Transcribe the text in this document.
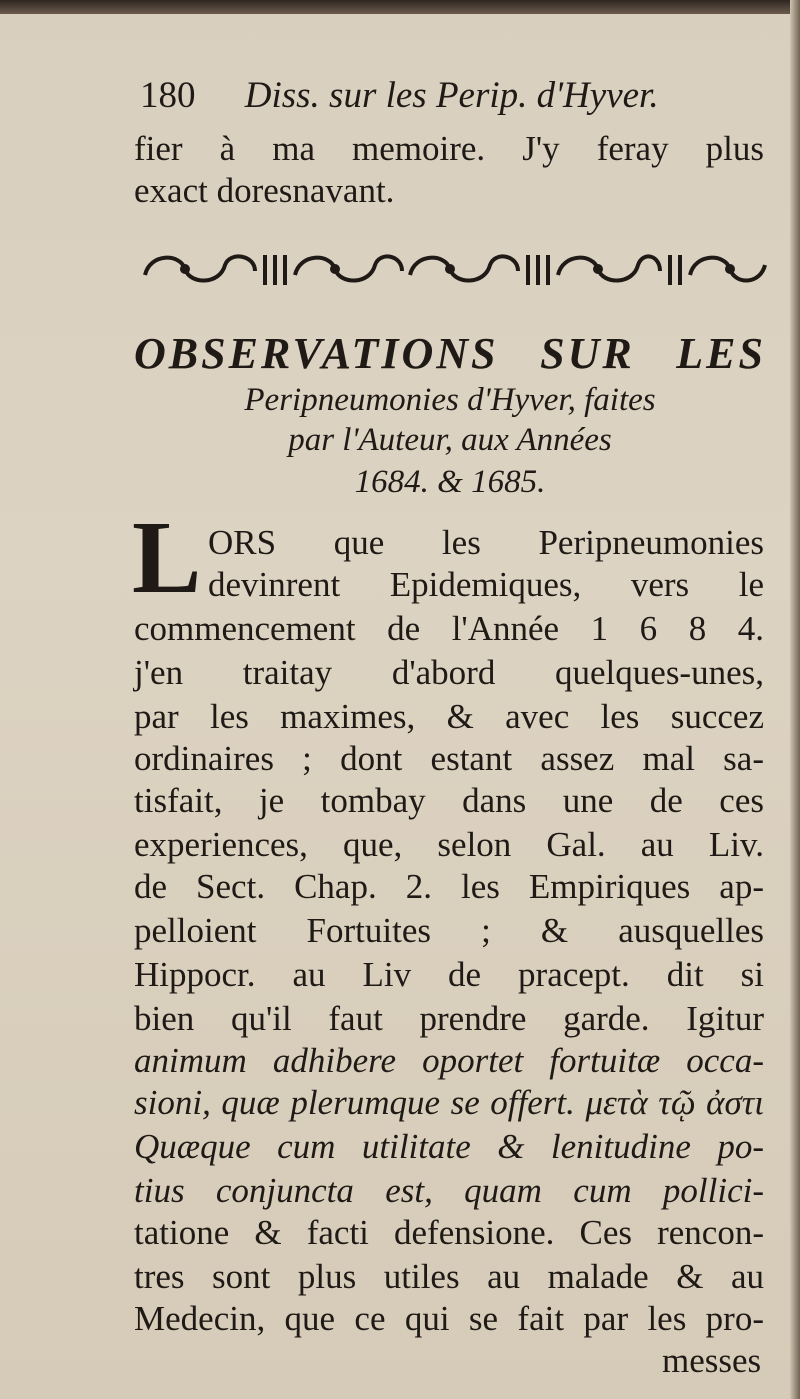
180 Diss. sur les Perip. d'Hyver.
fier à ma memoire. J'y feray plus
exact doresnavant.
OBSERVATIONS SUR LES
Peripneumonies d'Hyver, faites
par l'Auteur, aux Années
1684. & 1685.
L ORS que les Peripneumonies
devinrent Epidemiques, vers le
commencement de l'Année 1 6 8 4.
j'en traitay d'abord quelques-unes,
par les maximes, & avec les succez
ordinaires ; dont estant assez mal sa-
tisfait, je tombay dans une de ces
experiences, que, selon Gal. au Liv.
de Sect. Chap. 2. les Empiriques ap-
pelloient Fortuites ; & ausquelles
Hippocr. au Liv de pracept. dit si
bien qu'il faut prendre garde. Igitur
animum adhibere oportet fortuitæ occa-
sioni, quæ plerumque se offert. μετὰ τῷ ἀστι
Quæque cum utilitate & lenitudine po-
tius conjuncta est, quam cum pollici-
tatione & facti defensione. Ces rencon-
tres sont plus utiles au malade & au
Medecin, que ce qui se fait par les pro-
messes
